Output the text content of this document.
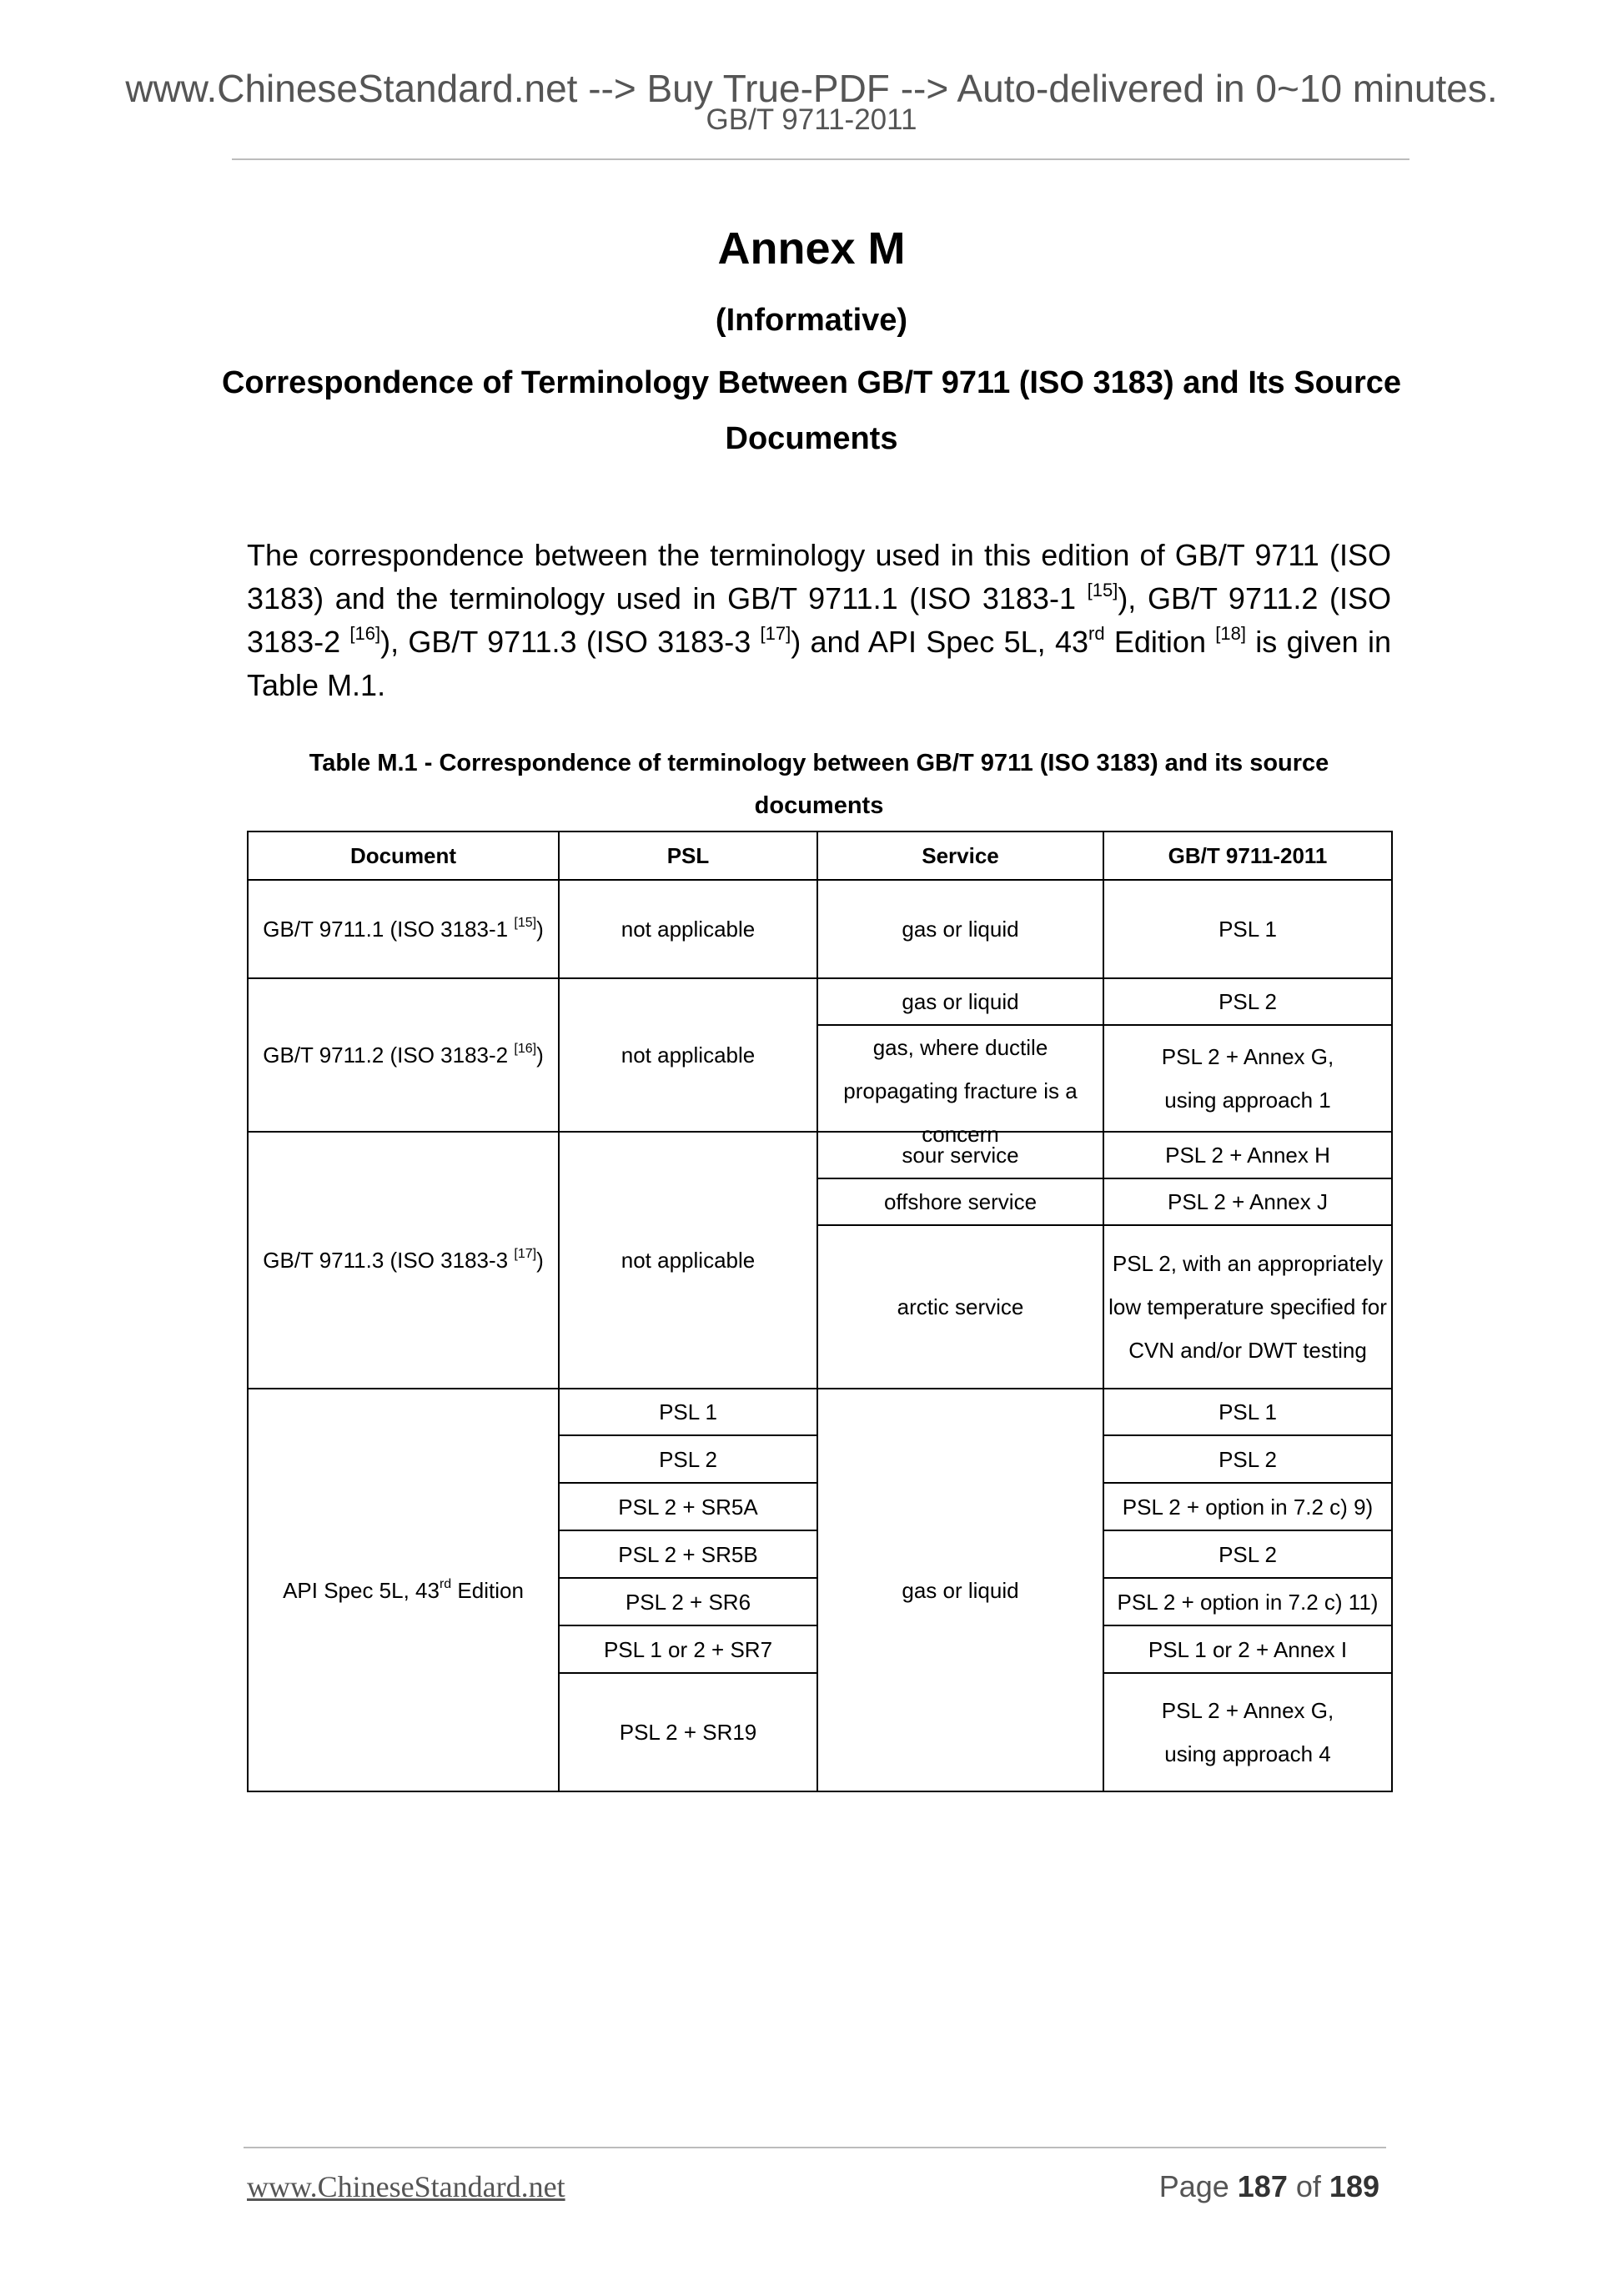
www.ChineseStandard.net --> Buy True-PDF --> Auto-delivered in 0~10 minutes.
GB/T 9711-2011
Annex M
(Informative)
Correspondence of Terminology Between GB/T 9711 (ISO 3183) and Its Source Documents
The correspondence between the terminology used in this edition of GB/T 9711 (ISO 3183) and the terminology used in GB/T 9711.1 (ISO 3183-1 [15]), GB/T 9711.2 (ISO 3183-2 [16]), GB/T 9711.3 (ISO 3183-3 [17]) and API Spec 5L, 43rd Edition [18] is given in Table M.1.
Table M.1 - Correspondence of terminology between GB/T 9711 (ISO 3183) and its source documents
Document	PSL	Service	GB/T 9711-2011
GB/T 9711.1 (ISO 3183-1 [15])	not applicable	gas or liquid	PSL 1
GB/T 9711.2 (ISO 3183-2 [16])	not applicable	gas or liquid	PSL 2

		gas, where ductile propagating fracture is a concern	PSL 2 + Annex G,
using approach 1

GB/T 9711.3 (ISO 3183-3 [17])	not applicable	sour service	PSL 2 + Annex H
		offshore service	PSL 2 + Annex J
		arctic service	PSL 2, with an appropriately low temperature specified for CVN and/or DWT testing
API Spec 5L, 43rd Edition	PSL 1	gas or liquid	PSL 1
	PSL 2		PSL 2
	PSL 2 + SR5A		PSL 2 + option in 7.2 c) 9)
	PSL 2 + SR5B		PSL 2
	PSL 2 + SR6		PSL 2 + option in 7.2 c) 11)
	PSL 1 or 2 + SR7		PSL 1 or 2 + Annex I
	PSL 2 + SR19		PSL 2 + Annex G,
using approach 4
www.ChineseStandard.net	Page 187 of 189
